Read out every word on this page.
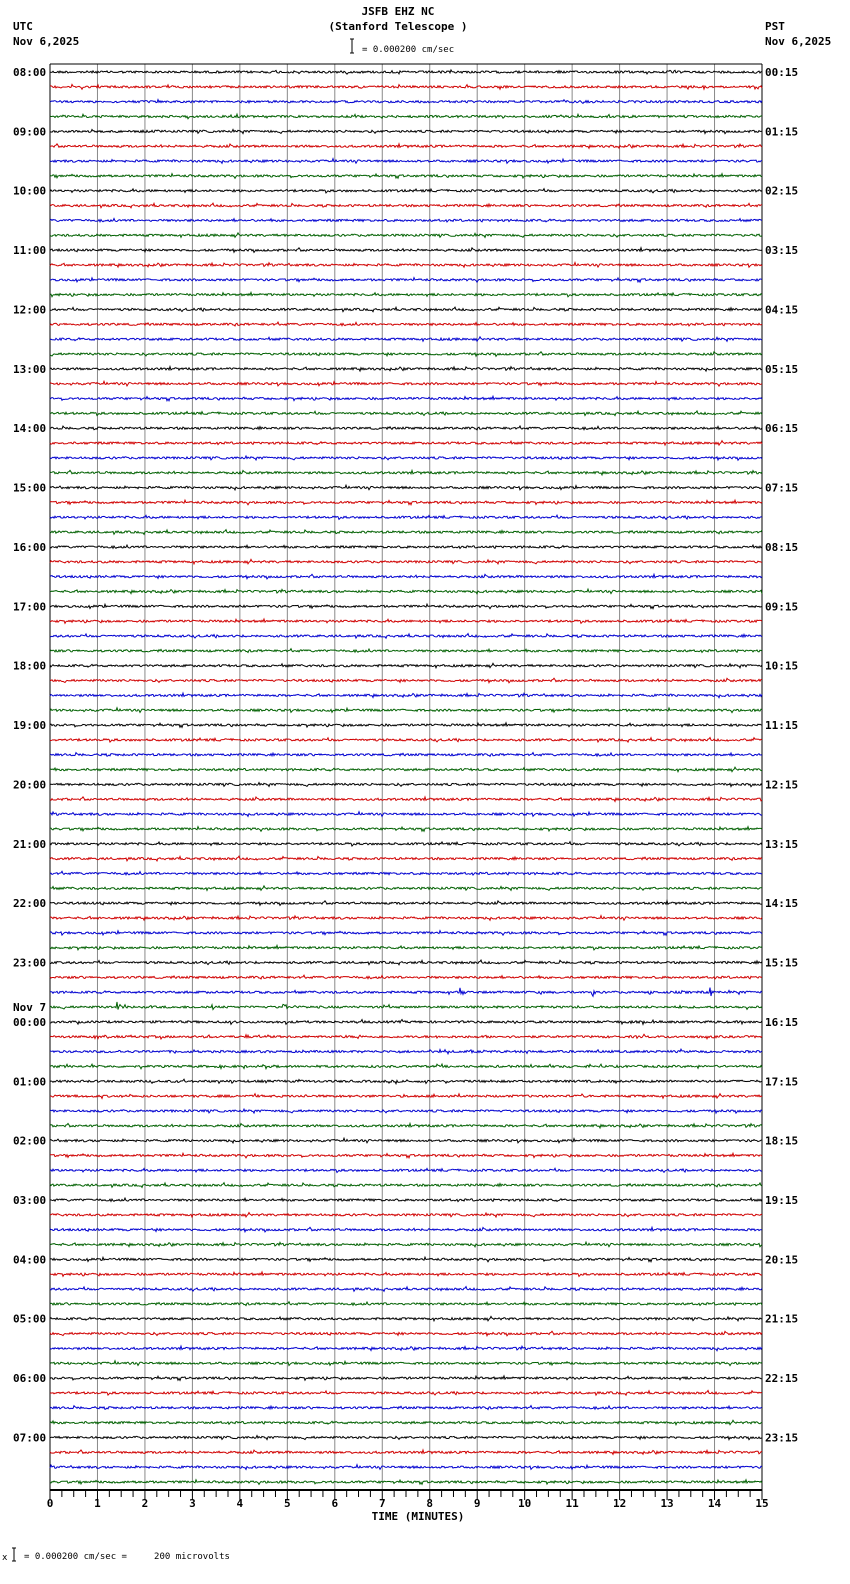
JSFB EHZ NC
(Stanford Telescope )
UTC
Nov 6,2025
PST
Nov 6,2025
= 0.000200 cm/sec
08:00	00:15
09:00	01:15
10:00	02:15
11:00	03:15
12:00	04:15
13:00	05:15
14:00	06:15
15:00	07:15
16:00	08:15
17:00	09:15
18:00	10:15
19:00	11:15
20:00	12:15
21:00	13:15
22:00	14:15
23:00	15:15
00:00	16:15
Nov 7
01:00	17:15
02:00	18:15
03:00	19:15
04:00	20:15
05:00	21:15
06:00	22:15
07:00	23:15
0	1	2	3	4	5	6	7	8	9	10	11	12	13	14	15
TIME (MINUTES)
x = 0.000200 cm/sec =     200 microvolts
